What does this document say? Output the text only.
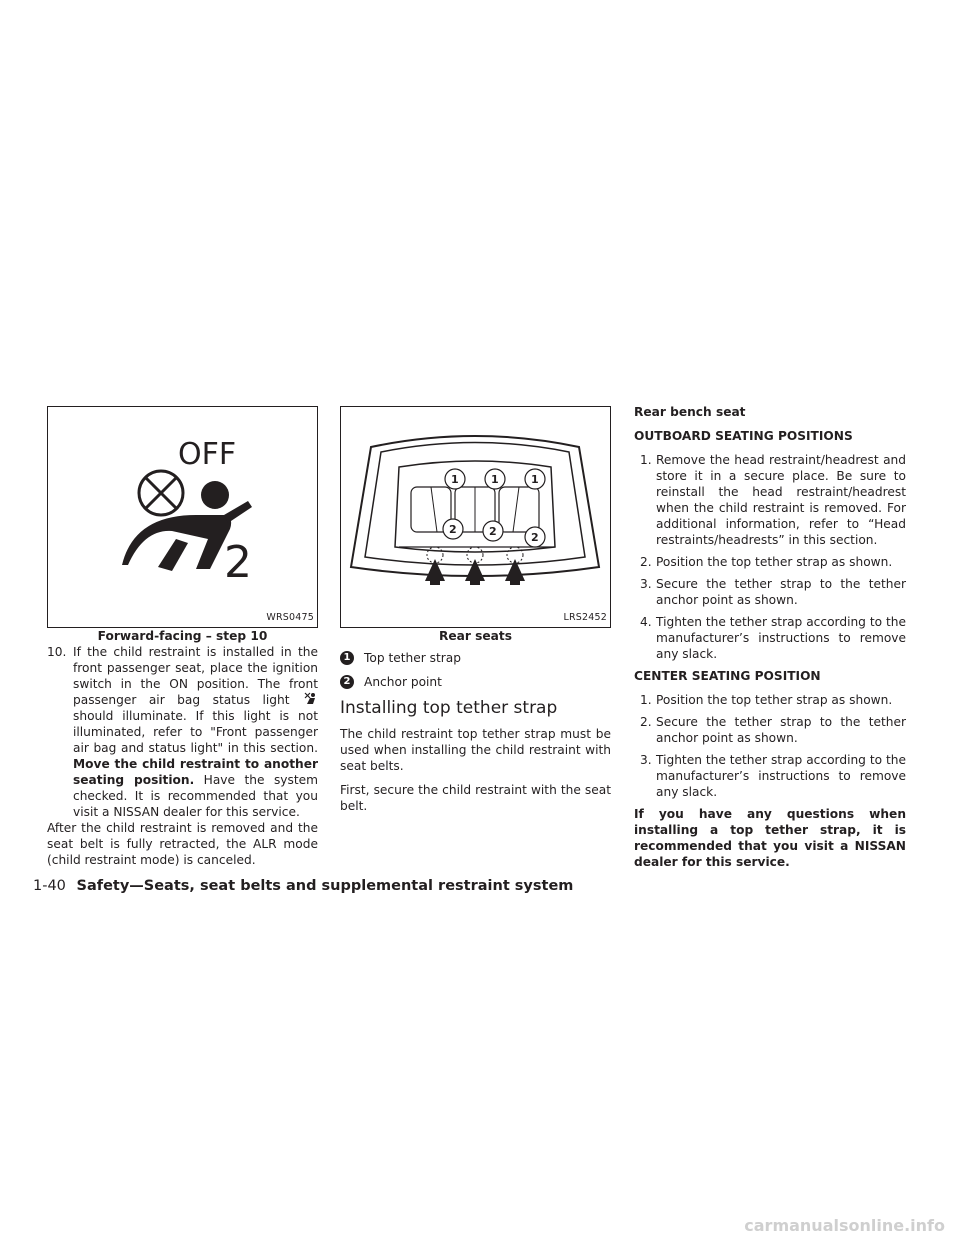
OFF
2
WRS0475
Forward-facing – step 10
10. If the child restraint is installed in the front passenger seat, place the ignition switch in the ON position. The front passenger air bag status light  should illuminate. If this light is not illuminated, refer to "Front passenger air bag and status light" in this section. Move the child restraint to another seating position. Have the system checked. It is recommended that you visit a NISSAN dealer for this service.

After the child restraint is removed and the seat belt is fully retracted, the ALR mode (child restraint mode) is canceled.

1	1	1
2	2	2
LRS2452
Rear seats
1 Top tether strap
2 Anchor point
Installing top tether strap

The child restraint top tether strap must be used when installing the child restraint with seat belts.

First, secure the child restraint with the seat belt.

Rear bench seat
OUTBOARD SEATING POSITIONS
1. Remove the head restraint/headrest and store it in a secure place. Be sure to reinstall the head restraint/headrest when the child restraint is removed. For additional information, refer to “Head restraints/headrests” in this section.
2. Position the top tether strap as shown.
3. Secure the tether strap to the tether anchor point as shown.
4. Tighten the tether strap according to the manufacturer’s instructions to remove any slack.
CENTER SEATING POSITION
1. Position the top tether strap as shown.
2. Secure the tether strap to the tether anchor point as shown.
3. Tighten the tether strap according to the manufacturer’s instructions to remove any slack.

If you have any questions when installing a top tether strap, it is recommended that you visit a NISSAN dealer for this service.

1-40 Safety—Seats, seat belts and supplemental restraint system
carmanualsonline.info
